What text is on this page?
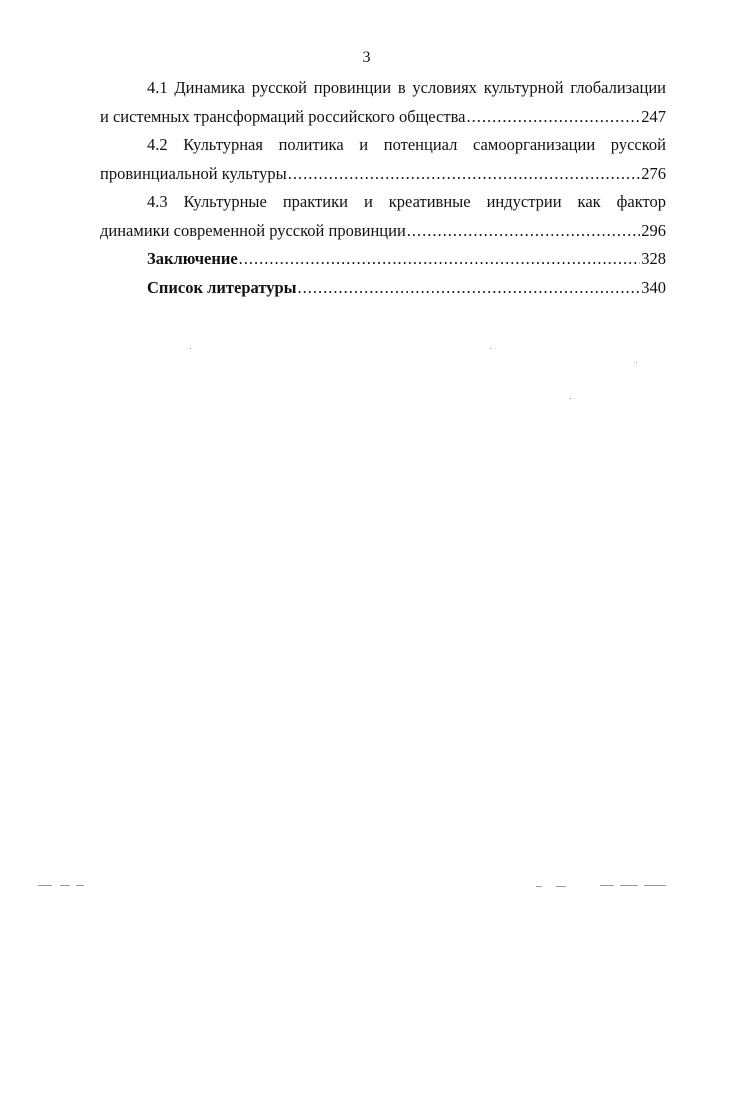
3
4.1 Динамика русской провинции в условиях культурной глобализации
и системных трансформаций российского общества .....	247
4.2 Культурная политика и потенциал самоорганизации русской
провинциальной культуры .....	276
4.3 Культурные практики и креативные индустрии как фактор
динамики современной русской провинции .....	296
Заключение .....	328
Список литературы .....	340
